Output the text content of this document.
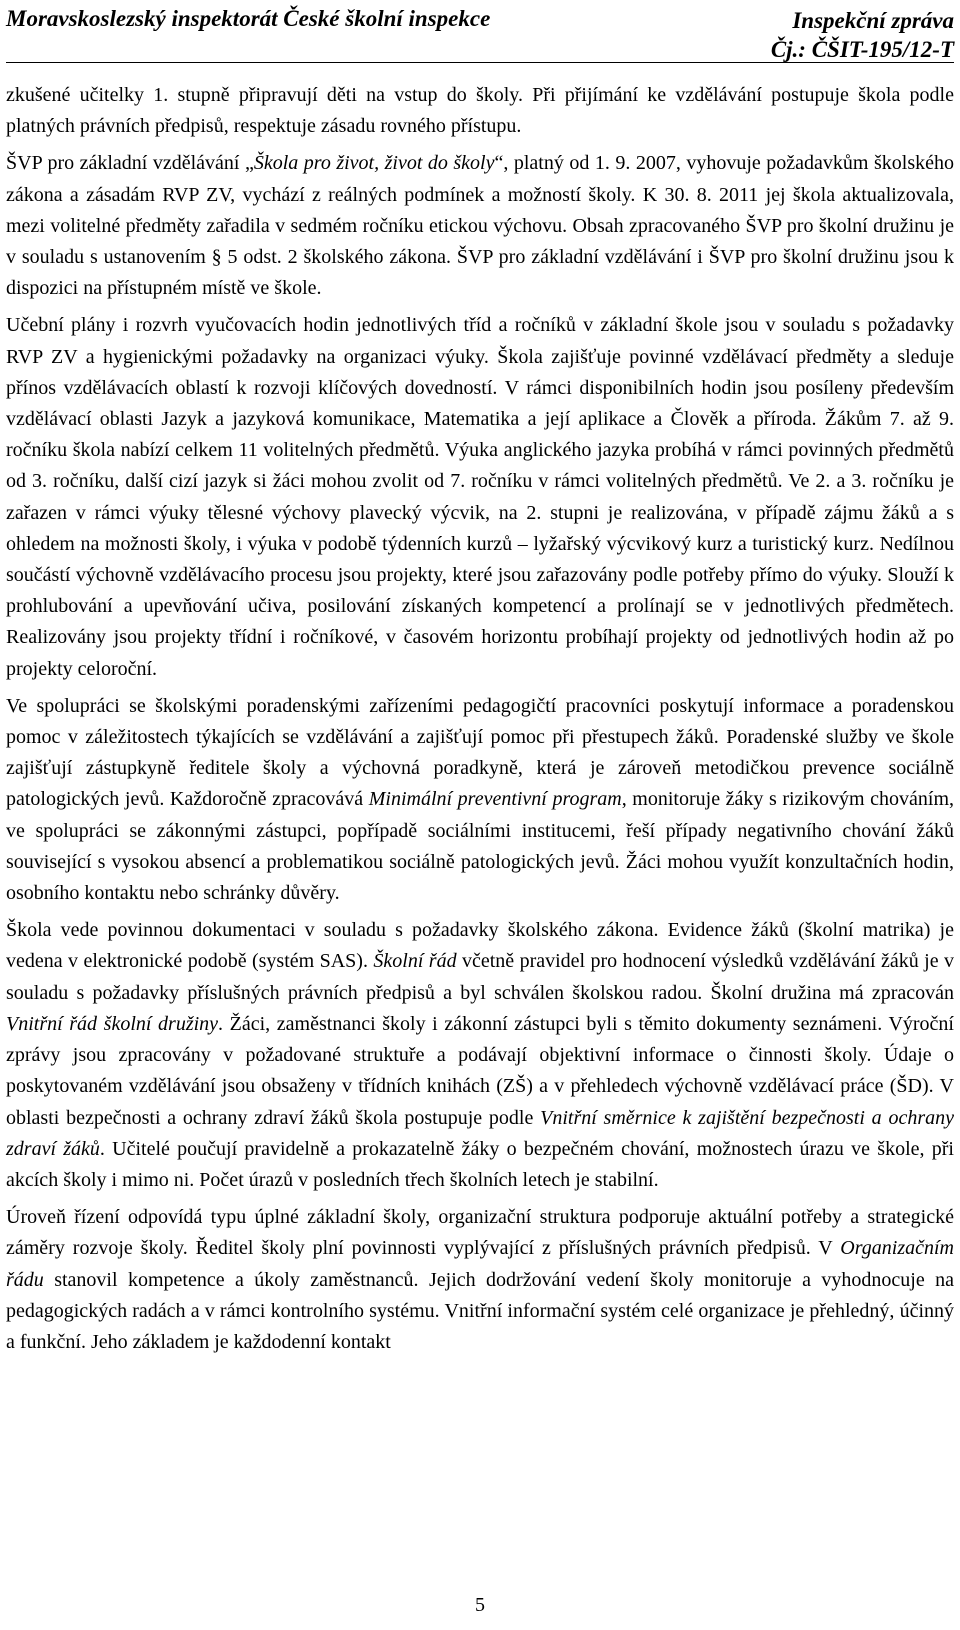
Moravskoslezský inspektorát České školní inspekce	Inspekční zpráva
Čj.: ČŠIT-195/12-T

zkušené učitelky 1. stupně připravují děti na vstup do školy. Při přijímání ke vzdělávání postupuje škola podle platných právních předpisů, respektuje zásadu rovného přístupu.

ŠVP pro základní vzdělávání „Škola pro život, život do školy“, platný od 1. 9. 2007, vyhovuje požadavkům školského zákona a zásadám RVP ZV, vychází z reálných podmínek a možností školy. K 30. 8. 2011 jej škola aktualizovala, mezi volitelné předměty zařadila v sedmém ročníku etickou výchovu. Obsah zpracovaného ŠVP pro školní družinu je v souladu s ustanovením § 5 odst. 2 školského zákona. ŠVP pro základní vzdělávání i ŠVP pro školní družinu jsou k dispozici na přístupném místě ve škole.

Učební plány i rozvrh vyučovacích hodin jednotlivých tříd a ročníků v základní škole jsou v souladu s požadavky RVP ZV a hygienickými požadavky na organizaci výuky. Škola zajišťuje povinné vzdělávací předměty a sleduje přínos vzdělávacích oblastí k rozvoji klíčových dovedností. V rámci disponibilních hodin jsou posíleny především vzdělávací oblasti Jazyk a jazyková komunikace, Matematika a její aplikace a Člověk a příroda. Žákům 7. až 9. ročníku škola nabízí celkem 11 volitelných předmětů. Výuka anglického jazyka probíhá v rámci povinných předmětů od 3. ročníku, další cizí jazyk si žáci mohou zvolit od 7. ročníku v rámci volitelných předmětů. Ve 2. a 3. ročníku je zařazen v rámci výuky tělesné výchovy plavecký výcvik, na 2. stupni je realizována, v případě zájmu žáků a s ohledem na možnosti školy, i výuka v podobě týdenních kurzů – lyžařský výcvikový kurz a turistický kurz. Nedílnou součástí výchovně vzdělávacího procesu jsou projekty, které jsou zařazovány podle potřeby přímo do výuky. Slouží k prohlubování a upevňování učiva, posilování získaných kompetencí a prolínají se v jednotlivých předmětech. Realizovány jsou projekty třídní i ročníkové, v časovém horizontu probíhají projekty od jednotlivých hodin až po projekty celoroční.

Ve spolupráci se školskými poradenskými zařízeními pedagogičtí pracovníci poskytují informace a poradenskou pomoc v záležitostech týkajících se vzdělávání a zajišťují pomoc při přestupech žáků. Poradenské služby ve škole zajišťují zástupkyně ředitele školy a výchovná poradkyně, která je zároveň metodičkou prevence sociálně patologických jevů. Každoročně zpracovává Minimální preventivní program, monitoruje žáky s rizikovým chováním, ve spolupráci se zákonnými zástupci, popřípadě sociálními institucemi, řeší případy negativního chování žáků související s vysokou absencí a problematikou sociálně patologických jevů. Žáci mohou využít konzultačních hodin, osobního kontaktu nebo schránky důvěry.

Škola vede povinnou dokumentaci v souladu s požadavky školského zákona. Evidence žáků (školní matrika) je vedena v elektronické podobě (systém SAS). Školní řád včetně pravidel pro hodnocení výsledků vzdělávání žáků je v souladu s požadavky příslušných právních předpisů a byl schválen školskou radou. Školní družina má zpracován Vnitřní řád školní družiny. Žáci, zaměstnanci školy i zákonní zástupci byli s těmito dokumenty seznámeni. Výroční zprávy jsou zpracovány v požadované struktuře a podávají objektivní informace o činnosti školy. Údaje o poskytovaném vzdělávání jsou obsaženy v třídních knihách (ZŠ) a v přehledech výchovně vzdělávací práce (ŠD). V oblasti bezpečnosti a ochrany zdraví žáků škola postupuje podle Vnitřní směrnice k zajištění bezpečnosti a ochrany zdraví žáků. Učitelé poučují pravidelně a prokazatelně žáky o bezpečném chování, možnostech úrazu ve škole, při akcích školy i mimo ni. Počet úrazů v posledních třech školních letech je stabilní.

Úroveň řízení odpovídá typu úplné základní školy, organizační struktura podporuje aktuální potřeby a strategické záměry rozvoje školy. Ředitel školy plní povinnosti vyplývající z příslušných právních předpisů. V Organizačním řádu stanovil kompetence a úkoly zaměstnanců. Jejich dodržování vedení školy monitoruje a vyhodnocuje na pedagogických radách a v rámci kontrolního systému. Vnitřní informační systém celé organizace je přehledný, účinný a funkční. Jeho základem je každodenní kontakt

5
